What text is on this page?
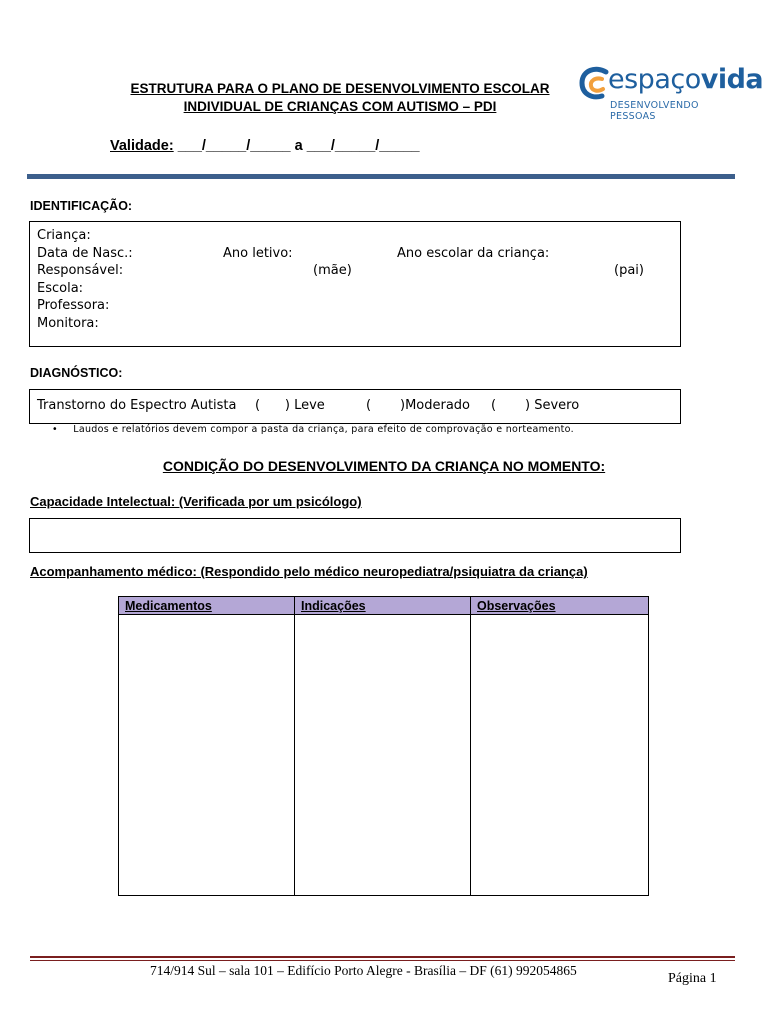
ESTRUTURA PARA O PLANO DE DESENVOLVIMENTO ESCOLAR
INDIVIDUAL DE CRIANÇAS COM AUTISMO – PDI
espaçovida
DESENVOLVENDO PESSOAS
Validade: ___/_____/_____ a ___/_____/_____
IDENTIFICAÇÃO:
Criança:
Data de Nasc.:	Ano letivo:	Ano escolar da criança:
Responsável:	(mãe)	(pai)
Escola:
Professora:
Monitora:
DIAGNÓSTICO:
Transtorno do Espectro Autista (      ) Leve	(       )Moderado (       ) Severo
• Laudos e relatórios devem compor a pasta da criança, para efeito de comprovação e norteamento.
CONDIÇÃO DO DESENVOLVIMENTO DA CRIANÇA NO MOMENTO:
Capacidade Intelectual: (Verificada por um psicólogo)
Acompanhamento médico: (Respondido pelo médico neuropediatra/psiquiatra da criança)
Medicamentos	Indicações	Observações

714/914 Sul – sala 101 – Edifício Porto Alegre - Brasília – DF (61) 992054865
Página 1
